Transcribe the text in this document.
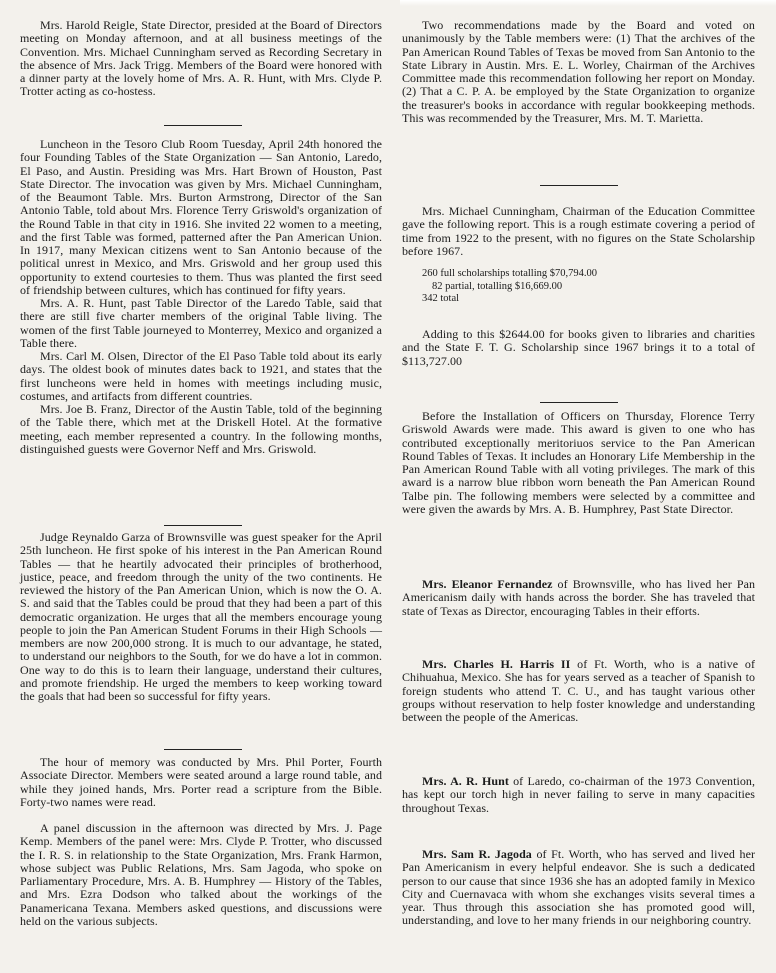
Mrs. Harold Reigle, State Director, presided at the Board of Directors meeting on Monday afternoon, and at all business meetings of the Convention. Mrs. Michael Cunningham served as Recording Secretary in the absence of Mrs. Jack Trigg. Members of the Board were honored with a dinner party at the lovely home of Mrs. A. R. Hunt, with Mrs. Clyde P. Trotter acting as co-hostess.

Luncheon in the Tesoro Club Room Tuesday, April 24th honored the four Founding Tables of the State Organization — San Antonio, Laredo, El Paso, and Austin. Presiding was Mrs. Hart Brown of Houston, Past State Director. The invocation was given by Mrs. Michael Cunningham, of the Beaumont Table. Mrs. Burton Armstrong, Director of the San Antonio Table, told about Mrs. Florence Terry Griswold's organization of the Round Table in that city in 1916. She invited 22 women to a meeting, and the first Table was formed, patterned after the Pan American Union. In 1917, many Mexican citizens went to San Antonio because of the political unrest in Mexico, and Mrs. Griswold and her group used this opportunity to extend courtesies to them. Thus was planted the first seed of friendship between cultures, which has continued for fifty years.

Mrs. A. R. Hunt, past Table Director of the Laredo Table, said that there are still five charter members of the original Table living. The women of the first Table journeyed to Monterrey, Mexico and organized a Table there.

Mrs. Carl M. Olsen, Director of the El Paso Table told about its early days. The oldest book of minutes dates back to 1921, and states that the first luncheons were held in homes with meetings including music, costumes, and artifacts from different countries.

Mrs. Joe B. Franz, Director of the Austin Table, told of the beginning of the Table there, which met at the Driskell Hotel. At the formative meeting, each member represented a country. In the following months, distinguished guests were Governor Neff and Mrs. Griswold.

Judge Reynaldo Garza of Brownsville was guest speaker for the April 25th luncheon. He first spoke of his interest in the Pan American Round Tables — that he heartily advocated their principles of brotherhood, justice, peace, and freedom through the unity of the two continents. He reviewed the history of the Pan American Union, which is now the O. A. S. and said that the Tables could be proud that they had been a part of this democratic organization. He urges that all the members encourage young people to join the Pan American Student Forums in their High Schools — members are now 200,000 strong. It is much to our advantage, he stated, to understand our neighbors to the South, for we do have a lot in common. One way to do this is to learn their language, understand their cultures, and promote friendship. He urged the members to keep working toward the goals that had been so successful for fifty years.

The hour of memory was conducted by Mrs. Phil Porter, Fourth Associate Director. Members were seated around a large round table, and while they joined hands, Mrs. Porter read a scripture from the Bible. Forty-two names were read.

A panel discussion in the afternoon was directed by Mrs. J. Page Kemp. Members of the panel were: Mrs. Clyde P. Trotter, who discussed the I. R. S. in relationship to the State Organization, Mrs. Frank Harmon, whose subject was Public Relations, Mrs. Sam Jagoda, who spoke on Parliamentary Procedure, Mrs. A. B. Humphrey — History of the Tables, and Mrs. Ezra Dodson who talked about the workings of the Panamericana Texana. Members asked questions, and discussions were held on the various subjects.

Two recommendations made by the Board and voted on unanimously by the Table members were: (1) That the archives of the Pan American Round Tables of Texas be moved from San Antonio to the State Library in Austin. Mrs. E. L. Worley, Chairman of the Archives Committee made this recommendation following her report on Monday. (2) That a C. P. A. be employed by the State Organization to organize the treasurer's books in accordance with regular bookkeeping methods. This was recommended by the Treasurer, Mrs. M. T. Marietta.

Mrs. Michael Cunningham, Chairman of the Education Committee gave the following report. This is a rough estimate covering a period of time from 1922 to the present, with no figures on the State Scholarship before 1967.

260 full scholarships totalling $70,794.00
82 partial, totalling $16,669.00
342 total

Adding to this $2644.00 for books given to libraries and charities and the State F. T. G. Scholarship since 1967 brings it to a total of $113,727.00

Before the Installation of Officers on Thursday, Florence Terry Griswold Awards were made. This award is given to one who has contributed exceptionally meritoriuos service to the Pan American Round Tables of Texas. It includes an Honorary Life Membership in the Pan American Round Table with all voting privileges. The mark of this award is a narrow blue ribbon worn beneath the Pan American Round Talbe pin. The following members were selected by a committee and were given the awards by Mrs. A. B. Humphrey, Past State Director.

Mrs. Eleanor Fernandez of Brownsville, who has lived her Pan Americanism daily with hands across the border. She has traveled that state of Texas as Director, encouraging Tables in their efforts.

Mrs. Charles H. Harris II of Ft. Worth, who is a native of Chihuahua, Mexico. She has for years served as a teacher of Spanish to foreign students who attend T. C. U., and has taught various other groups without reservation to help foster knowledge and understanding between the people of the Americas.

Mrs. A. R. Hunt of Laredo, co-chairman of the 1973 Convention, has kept our torch high in never failing to serve in many capacities throughout Texas.

Mrs. Sam R. Jagoda of Ft. Worth, who has served and lived her Pan Americanism in every helpful endeavor. She is such a dedicated person to our cause that since 1936 she has an adopted family in Mexico City and Cuernavaca with whom she exchanges visits several times a year. Thus through this association she has promoted good will, understanding, and love to her many friends in our neighboring country.
